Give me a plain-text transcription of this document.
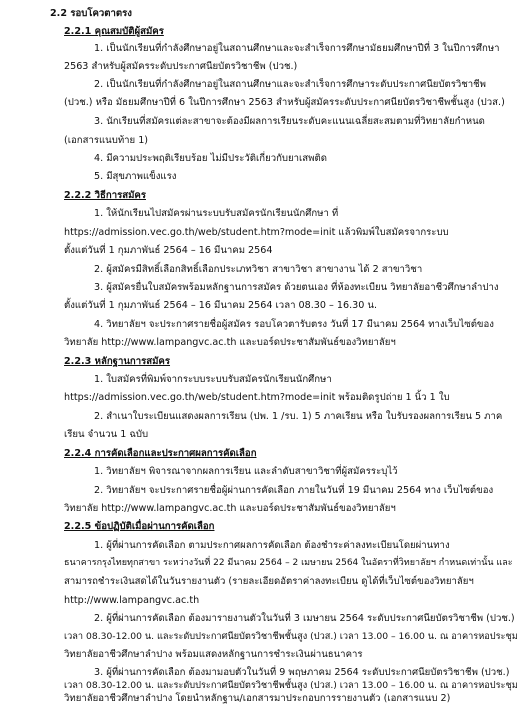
2.2 รอบโควตาตรง
2.2.1 คุณสมบัติผู้สมัคร
1. เป็นนักเรียนที่กำลังศึกษาอยู่ในสถานศึกษาและจะสำเร็จการศึกษามัธยมศึกษาปีที่ 3 ในปีการศึกษา
2563 สำหรับผู้สมัครระดับประกาศนียบัตรวิชาชีพ (ปวช.)
2. เป็นนักเรียนที่กำลังศึกษาอยู่ในสถานศึกษาและจะสำเร็จการศึกษาระดับประกาศนียบัตรวิชาชีพ
(ปวช.) หรือ มัธยมศึกษาปีที่ 6 ในปีการศึกษา 2563 สำหรับผู้สมัครระดับประกาศนียบัตรวิชาชีพชั้นสูง (ปวส.)
3. นักเรียนที่สมัครแต่ละสาขาจะต้องมีผลการเรียนระดับคะแนนเฉลี่ยสะสมตามที่วิทยาลัยกำหนด
(เอกสารแนบท้าย 1)
4. มีความประพฤติเรียบร้อย ไม่มีประวัติเกี่ยวกับยาเสพติด
5. มีสุขภาพแข็งแรง
2.2.2 วิธีการสมัคร
1. ให้นักเรียนไปสมัครผ่านระบบรับสมัครนักเรียนนักศึกษา ที่
https://admission.vec.go.th/web/student.htm?mode=init แล้วพิมพ์ใบสมัครจากระบบ
ตั้งแต่วันที่ 1 กุมภาพันธ์ 2564 – 16 มีนาคม 2564
2. ผู้สมัครมีสิทธิ์เลือกสิทธิ์เลือกประเภทวิชา สาขาวิชา สาขางาน ได้ 2 สาขาวิชา
3. ผู้สมัครยื่นใบสมัครพร้อมหลักฐานการสมัคร ด้วยตนเอง ที่ห้องทะเบียน วิทยาลัยอาชีวศึกษาลำปาง
ตั้งแต่วันที่ 1 กุมภาพันธ์ 2564 – 16 มีนาคม 2564 เวลา 08.30 – 16.30 น.
4. วิทยาลัยฯ จะประกาศรายชื่อผู้สมัคร รอบโควตารับตรง วันที่ 17 มีนาคม 2564 ทางเว็บไซต์ของ
วิทยาลัย http://www.lampangvc.ac.th และบอร์ดประชาสัมพันธ์ของวิทยาลัยฯ
2.2.3 หลักฐานการสมัคร
1. ใบสมัครที่พิมพ์จากระบบระบบรับสมัครนักเรียนนักศึกษา
https://admission.vec.go.th/web/student.htm?mode=init พร้อมติดรูปถ่าย 1 นิ้ว 1 ใบ
2. สำเนาใบระเบียนแสดงผลการเรียน (ปพ. 1 /รบ. 1) 5 ภาคเรียน หรือ ใบรับรองผลการเรียน 5 ภาค
เรียน จำนวน 1 ฉบับ
2.2.4 การคัดเลือกและประกาศผลการคัดเลือก
1. วิทยาลัยฯ พิจารณาจากผลการเรียน และลำดับสาขาวิชาที่ผู้สมัครระบุไว้
2. วิทยาลัยฯ จะประกาศรายชื่อผู้ผ่านการคัดเลือก ภายในวันที่ 19 มีนาคม 2564 ทาง เว็บไซต์ของ
วิทยาลัย http://www.lampangvc.ac.th และบอร์ดประชาสัมพันธ์ของวิทยาลัยฯ
2.2.5 ข้อปฏิบัติเมื่อผ่านการคัดเลือก
1. ผู้ที่ผ่านการคัดเลือก ตามประกาศผลการคัดเลือก ต้องชำระค่าลงทะเบียนโดยผ่านทาง
ธนาคารกรุงไทยทุกสาขา ระหว่างวันที่ 22 มีนาคม 2564 – 2 เมษายน 2564 ในอัตราที่วิทยาลัยฯ กำหนดเท่านั้น และ
สามารถชำระเงินสดได้ในวันรายงานตัว (รายละเอียดอัตราค่าลงทะเบียน ดูได้ที่เว็บไซต์ของวิทยาลัยฯ
http://www.lampangvc.ac.th
2. ผู้ที่ผ่านการคัดเลือก ต้องมารายงานตัวในวันที่ 3 เมษายน 2564 ระดับประกาศนียบัตรวิชาชีพ (ปวช.)
เวลา 08.30-12.00 น. และระดับประกาศนียบัตรวิชาชีพชั้นสูง (ปวส.) เวลา 13.00 – 16.00 น. ณ อาคารหอประชุม
วิทยาลัยอาชีวศึกษาลำปาง พร้อมแสดงหลักฐานการชำระเงินผ่านธนาคาร
3. ผู้ที่ผ่านการคัดเลือก ต้องมามอบตัวในวันที่ 9 พฤษภาคม 2564 ระดับประกาศนียบัตรวิชาชีพ (ปวช.)
เวลา 08.30-12.00 น. และระดับประกาศนียบัตรวิชาชีพชั้นสูง (ปวส.) เวลา 13.00 – 16.00 น. ณ อาคารหอประชุม
วิทยาลัยอาชีวศึกษาลำปาง โดยนำหลักฐาน/เอกสารมาประกอบการรายงานตัว (เอกสารแนบ 2)
